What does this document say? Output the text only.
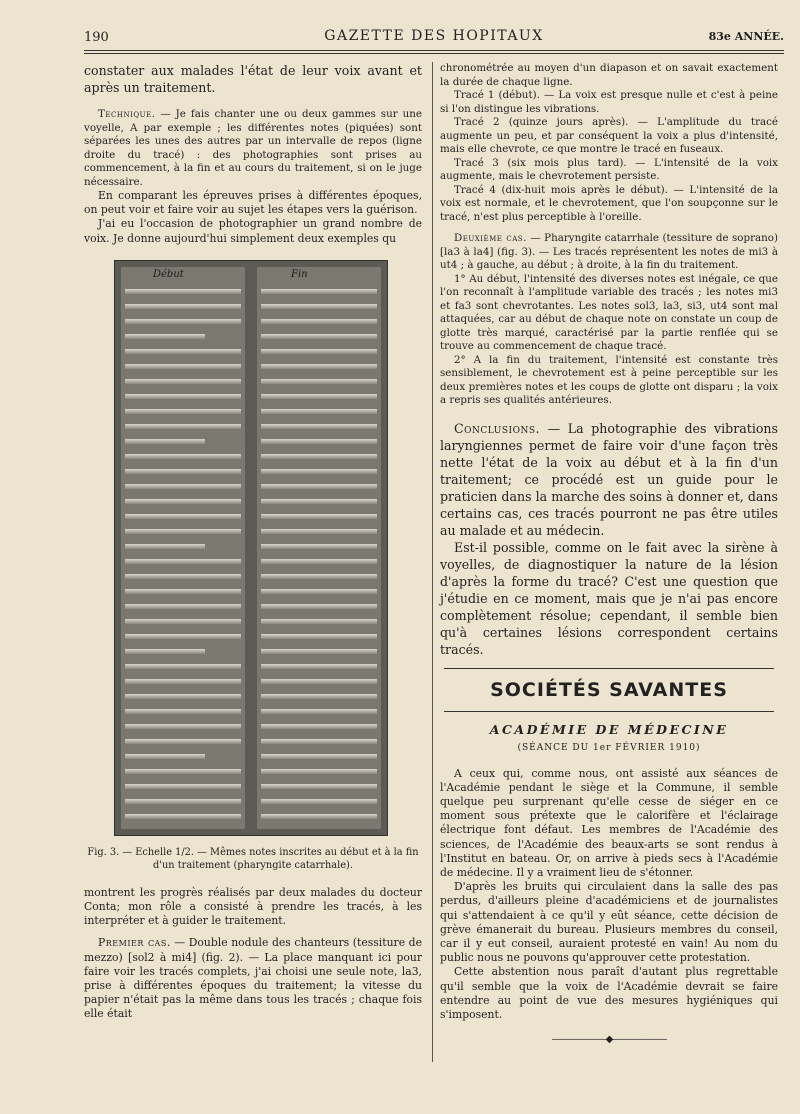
190	GAZETTE DES HOPITAUX	83e ANNÉE.

constater aux malades l'état de leur voix avant et après un traitement.

Technique. — Je fais chanter une ou deux gammes sur une voyelle, A par exemple ; les différentes notes (piquées) sont séparées les unes des autres par un intervalle de repos (ligne droite du tracé) : des photographies sont prises au commencement, à la fin et au cours du traitement, si on le juge nécessaire.

En comparant les épreuves prises à différentes époques, on peut voir et faire voir au sujet les étapes vers la guérison.

J'ai eu l'occasion de photographier un grand nombre de voix. Je donne aujourd'hui simplement deux exemples qu

Début	Fin

Fig. 3. — Echelle 1/2. — Mêmes notes inscrites au début et à la fin d'un traitement (pharyngite catarrhale).

montrent les progrès réalisés par deux malades du docteur Conta; mon rôle a consisté à prendre les tracés, à les interpréter et à guider le traitement.

Premier cas. — Double nodule des chanteurs (tessiture de mezzo) [sol2 à mi4] (fig. 2). — La place manquant ici pour faire voir les tracés complets, j'ai choisi une seule note, la3, prise à différentes époques du traitement; la vitesse du papier n'était pas la même dans tous les tracés ; chaque fois elle était

chronométrée au moyen d'un diapason et on savait exactement la durée de chaque ligne.

Tracé 1 (début). — La voix est presque nulle et c'est à peine si l'on distingue les vibrations.

Tracé 2 (quinze jours après). — L'amplitude du tracé augmente un peu, et par conséquent la voix a plus d'intensité, mais elle chevrote, ce que montre le tracé en fuseaux.

Tracé 3 (six mois plus tard). — L'intensité de la voix augmente, mais le chevrotement persiste.

Tracé 4 (dix-huit mois après le début). — L'intensité de la voix est normale, et le chevrotement, que l'on soupçonne sur le tracé, n'est plus perceptible à l'oreille.

Deuxième cas. — Pharyngite catarrhale (tessiture de soprano) [la3 à la4] (fig. 3). — Les tracés représentent les notes de mi3 à ut4 ; à gauche, au début ; à droite, à la fin du traitement.

1° Au début, l'intensité des diverses notes est inégale, ce que l'on reconnaît à l'amplitude variable des tracés ; les notes mi3 et fa3 sont chevrotantes. Les notes sol3, la3, si3, ut4 sont mal attaquées, car au début de chaque note on constate un coup de glotte très marqué, caractérisé par la partie renflée qui se trouve au commencement de chaque tracé.

2° A la fin du traitement, l'intensité est constante très sensiblement, le chevrotement est à peine perceptible sur les deux premières notes et les coups de glotte ont disparu ; la voix a repris ses qualités antérieures.

Conclusions. — La photographie des vibrations laryngiennes permet de faire voir d'une façon très nette l'état de la voix au début et à la fin d'un traitement; ce procédé est un guide pour le praticien dans la marche des soins à donner et, dans certains cas, ces tracés pourront ne pas être utiles au malade et au médecin.

Est-il possible, comme on le fait avec la sirène à voyelles, de diagnostiquer la nature de la lésion d'après la forme du tracé? C'est une question que j'étudie en ce moment, mais que je n'ai pas encore complètement résolue; cependant, il semble bien qu'à certaines lésions correspondent certains tracés.

SOCIÉTÉS SAVANTES
ACADÉMIE DE MÉDECINE
(SÉANCE DU 1er FÉVRIER 1910)

A ceux qui, comme nous, ont assisté aux séances de l'Académie pendant le siège et la Commune, il semble quelque peu surprenant qu'elle cesse de siéger en ce moment sous prétexte que le calorifère et l'éclairage électrique font défaut. Les membres de l'Académie des sciences, de l'Académie des beaux-arts se sont rendus à l'Institut en bateau. Or, on arrive à pieds secs à l'Académie de médecine. Il y a vraiment lieu de s'étonner.

D'après les bruits qui circulaient dans la salle des pas perdus, d'ailleurs pleine d'académiciens et de journalistes qui s'attendaient à ce qu'il y eût séance, cette décision de grève émanerait du bureau. Plusieurs membres du conseil, car il y eut conseil, auraient protesté en vain! Au nom du public nous ne pouvons qu'approuver cette protestation.

Cette abstention nous paraît d'autant plus regrettable qu'il semble que la voix de l'Académie devrait se faire entendre au point de vue des mesures hygiéniques qui s'imposent.

——————◆——————
